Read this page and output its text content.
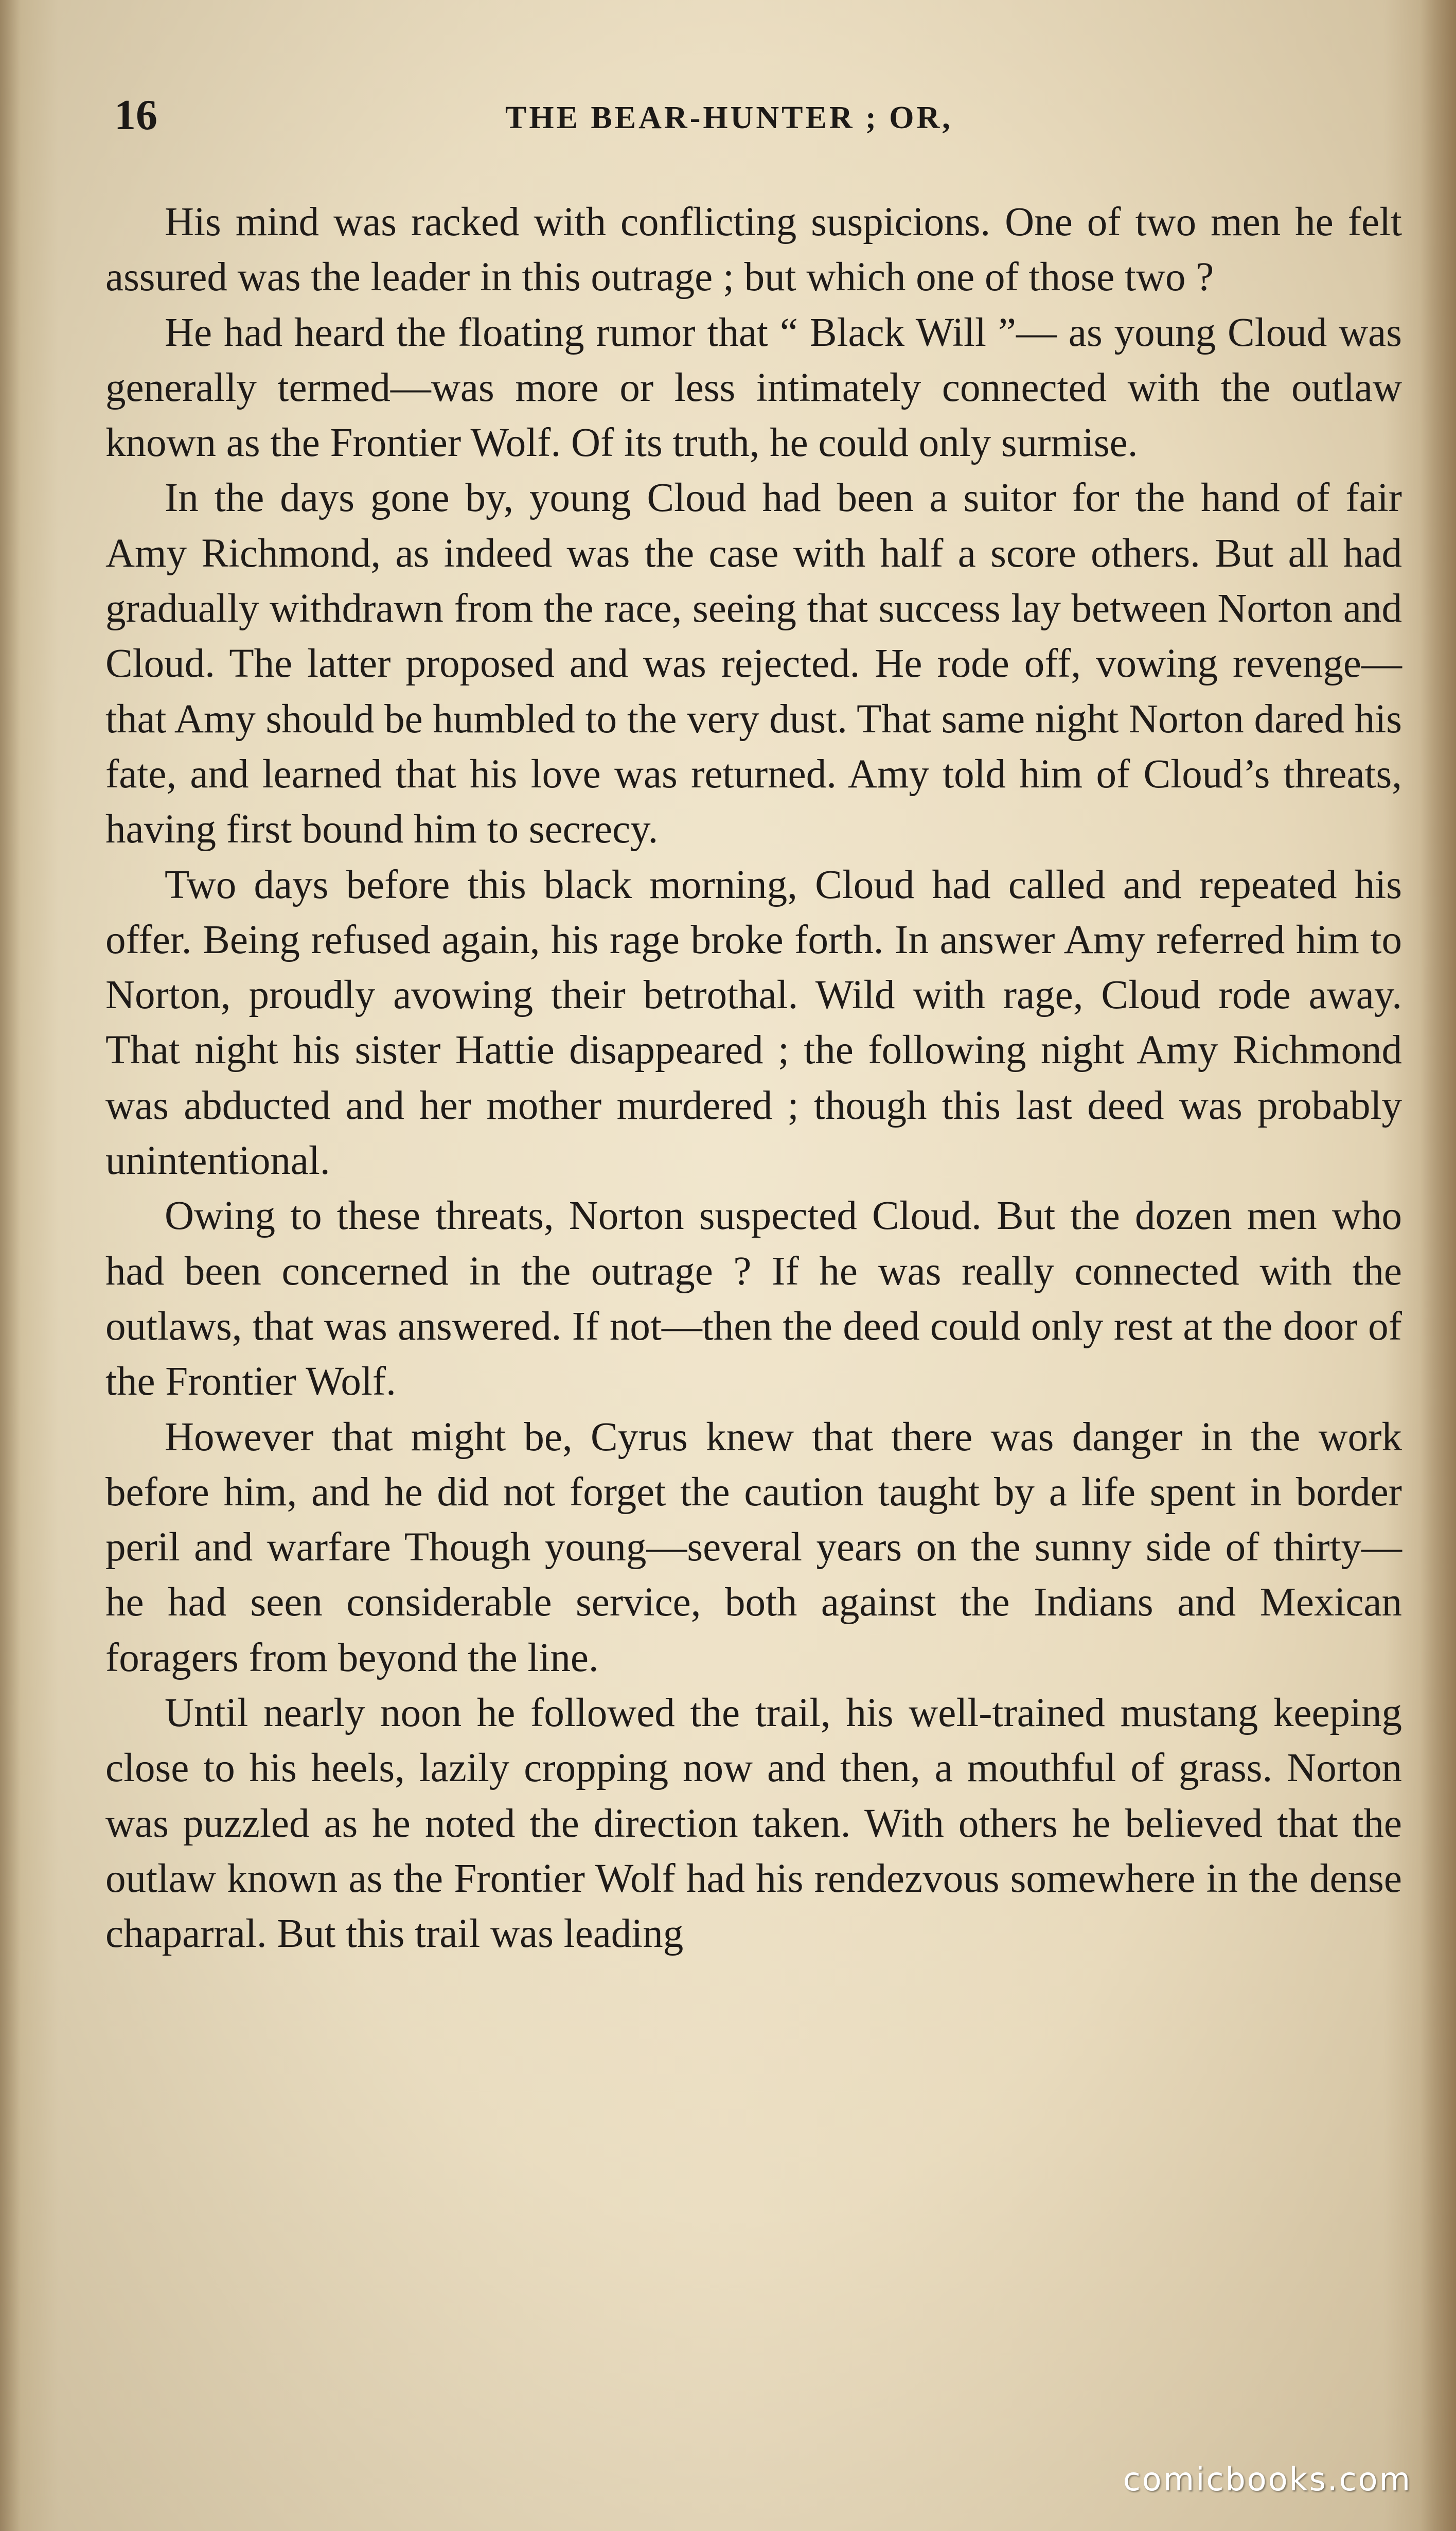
16	THE BEAR-HUNTER ; OR,

His mind was racked with conflicting suspicions. One of two men he felt assured was the leader in this outrage ; but which one of those two ?

He had heard the floating rumor that “ Black Will ”— as young Cloud was generally termed—was more or less intimately connected with the outlaw known as the Frontier Wolf. Of its truth, he could only surmise.

In the days gone by, young Cloud had been a suitor for the hand of fair Amy Richmond, as indeed was the case with half a score others. But all had gradually withdrawn from the race, seeing that success lay between Norton and Cloud. The latter proposed and was rejected. He rode off, vowing revenge—that Amy should be humbled to the very dust. That same night Norton dared his fate, and learned that his love was returned. Amy told him of Cloud’s threats, having first bound him to secrecy.

Two days before this black morning, Cloud had called and repeated his offer. Being refused again, his rage broke forth. In answer Amy referred him to Norton, proudly avowing their betrothal. Wild with rage, Cloud rode away. That night his sister Hattie disappeared ; the following night Amy Richmond was abducted and her mother murdered ; though this last deed was probably unintentional.

Owing to these threats, Norton suspected Cloud. But the dozen men who had been concerned in the outrage ? If he was really connected with the outlaws, that was answered. If not—then the deed could only rest at the door of the Frontier Wolf.

However that might be, Cyrus knew that there was danger in the work before him, and he did not forget the caution taught by a life spent in border peril and warfare Though young—several years on the sunny side of thirty— he had seen considerable service, both against the Indians and Mexican foragers from beyond the line.

Until nearly noon he followed the trail, his well-trained mustang keeping close to his heels, lazily cropping now and then, a mouthful of grass. Norton was puzzled as he noted the direction taken. With others he believed that the outlaw known as the Frontier Wolf had his rendezvous somewhere in the dense chaparral. But this trail was leading

comicbooks.com
